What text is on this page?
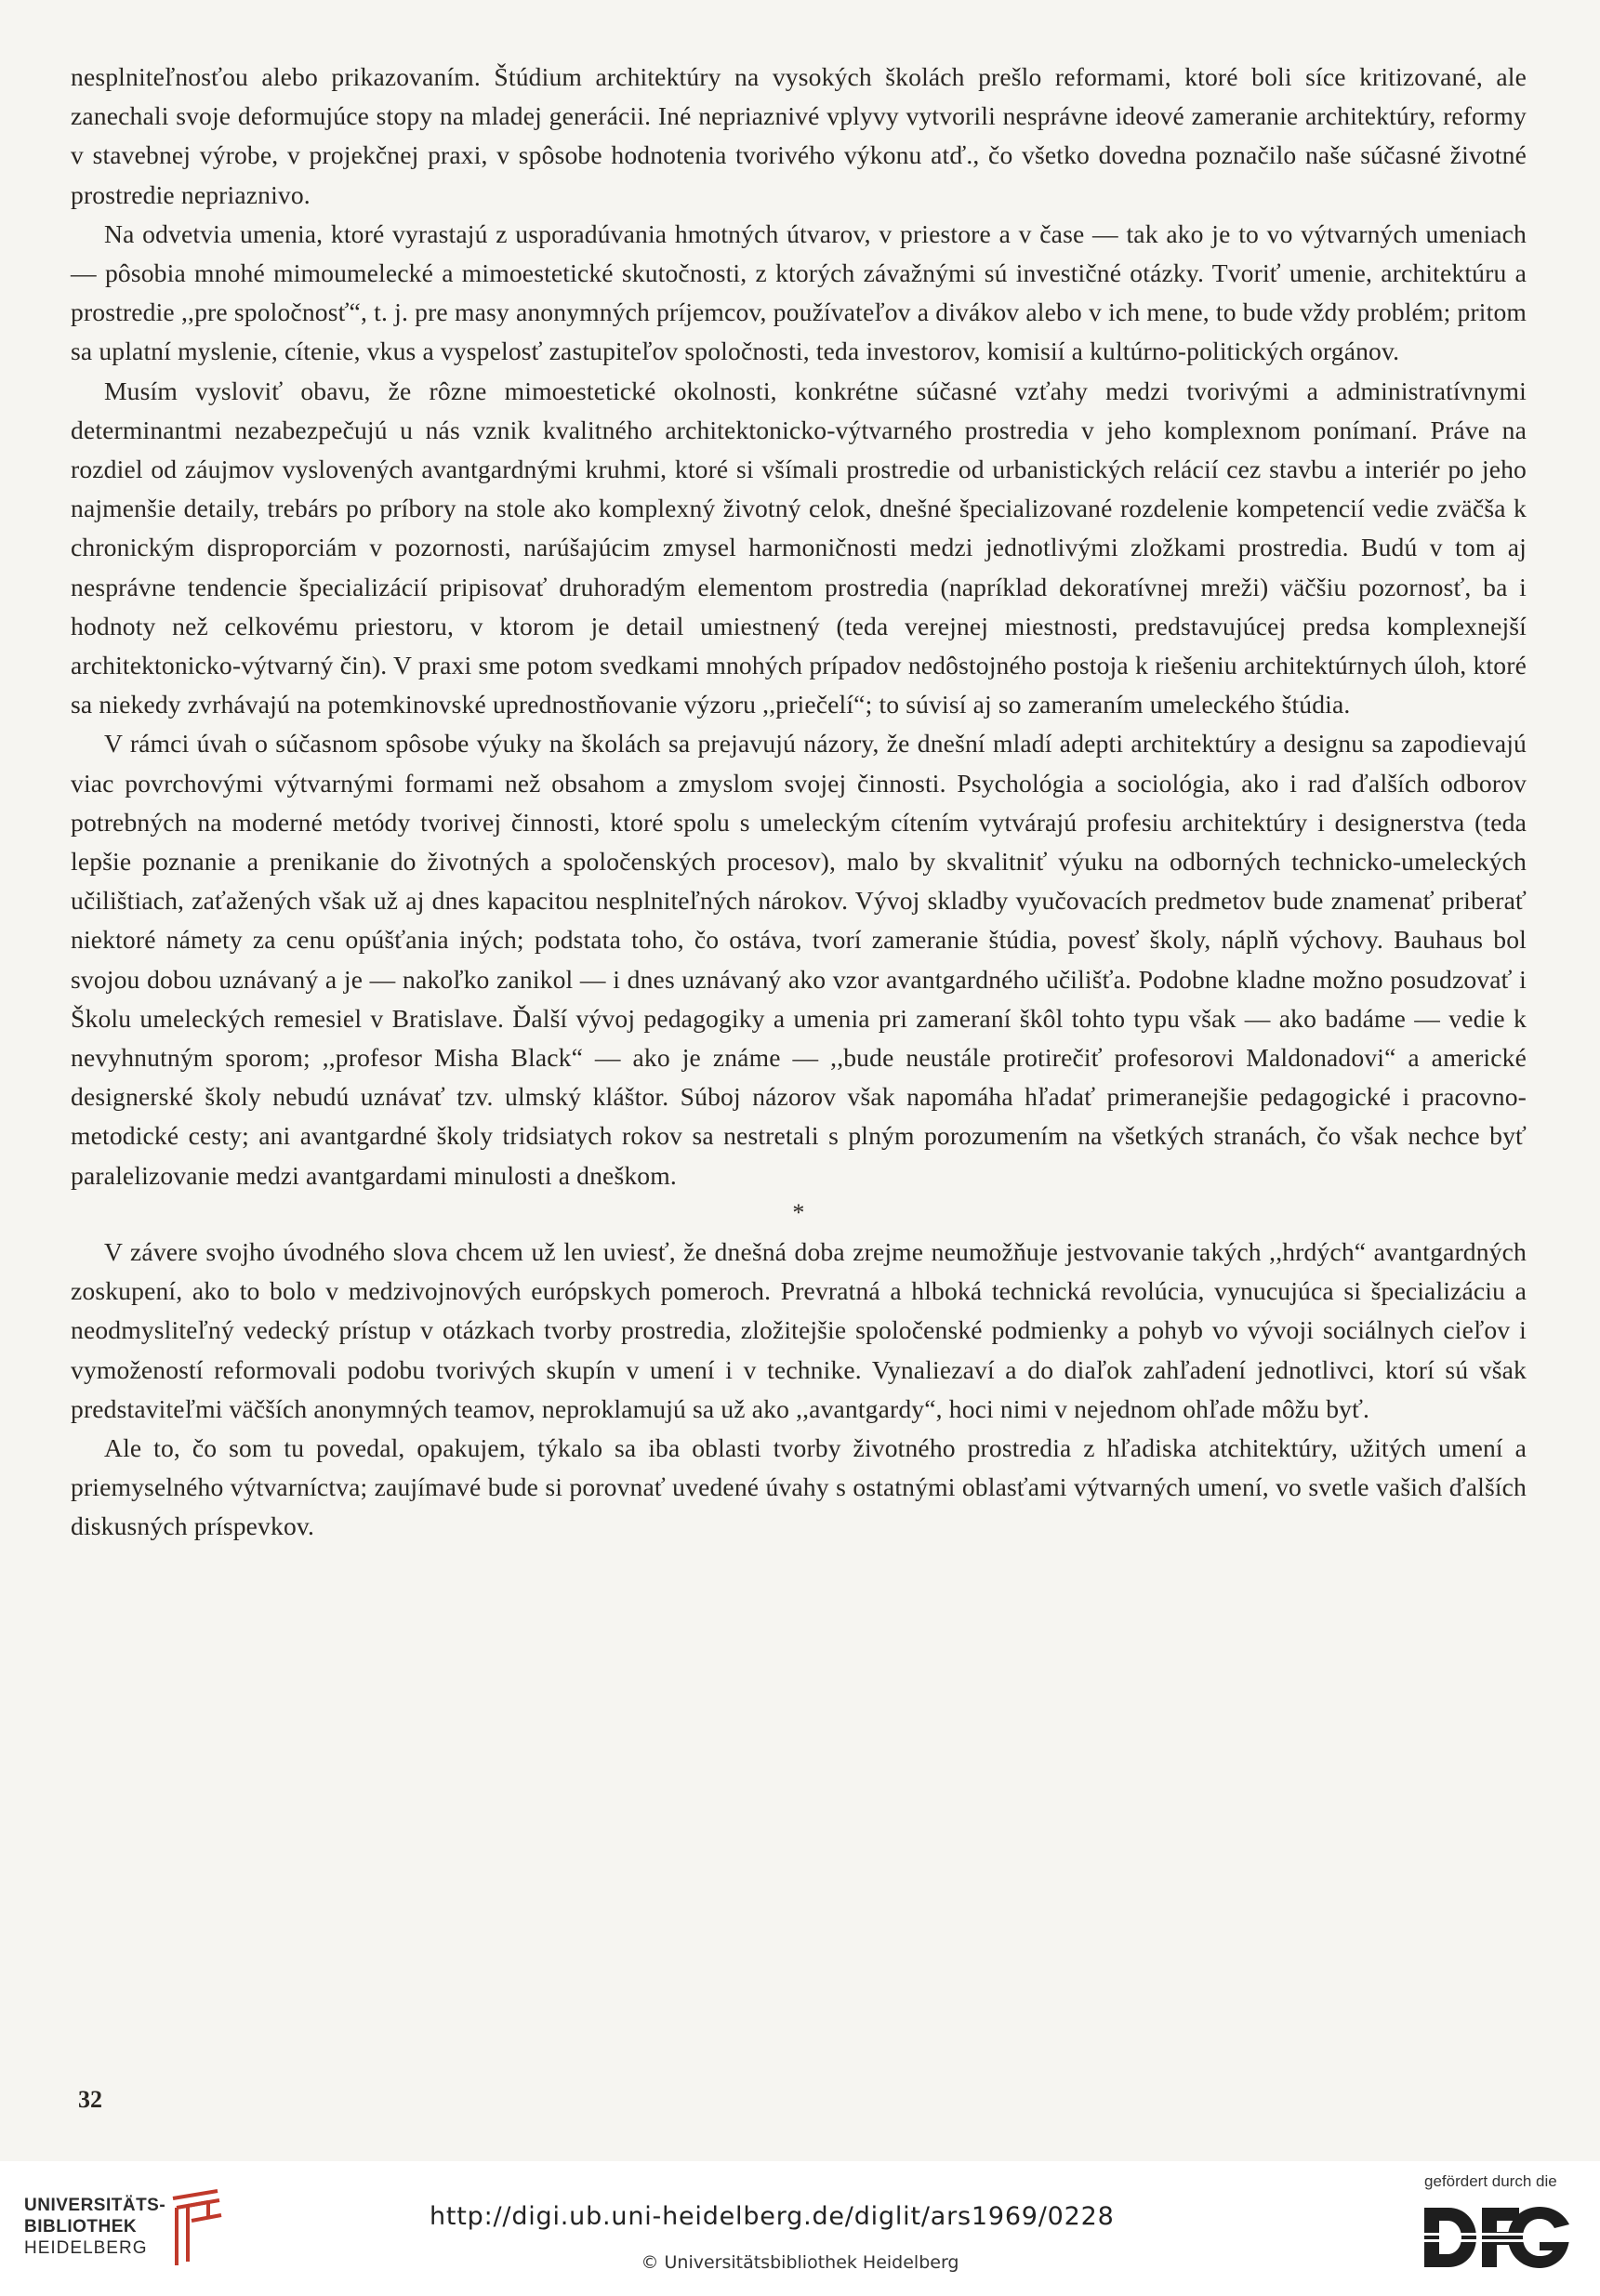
nesplniteľnosťou alebo prikazovaním. Štúdium architektúry na vysokých školách prešlo reformami, ktoré boli síce kritizované, ale zanechali svoje deformujúce stopy na mladej generácii. Iné nepriaznivé vplyvy vytvorili nesprávne ideové zameranie architektúry, reformy v stavebnej výrobe, v projekčnej praxi, v spôsobe hodnotenia tvorivého výkonu atď., čo všetko dovedna poznačilo naše súčasné životné prostredie nepriaznivo.

Na odvetvia umenia, ktoré vyrastajú z usporadúvania hmotných útvarov, v priestore a v čase — tak ako je to vo výtvarných umeniach — pôsobia mnohé mimoumelecké a mimoestetické skutočnosti, z ktorých závažnými sú investičné otázky. Tvoriť umenie, architektúru a prostredie ,,pre spoločnosť“, t. j. pre masy anonymných príjemcov, používateľov a divákov alebo v ich mene, to bude vždy problém; pritom sa uplatní myslenie, cítenie, vkus a vyspelosť zastupiteľov spoločnosti, teda investorov, komisií a kultúrno-politických orgánov.

Musím vysloviť obavu, že rôzne mimoestetické okolnosti, konkrétne súčasné vzťahy medzi tvorivými a administratívnymi determinantmi nezabezpečujú u nás vznik kvalitného architektonicko-výtvarného prostredia v jeho komplexnom ponímaní. Práve na rozdiel od záujmov vyslovených avantgardnými kruhmi, ktoré si všímali prostredie od urbanistických relácií cez stavbu a interiér po jeho najmenšie detaily, trebárs po príbory na stole ako komplexný životný celok, dnešné špecializované rozdelenie kompetencií vedie zväčša k chronickým disproporciám v pozornosti, narúšajúcim zmysel harmoničnosti medzi jednotlivými zložkami prostredia. Budú v tom aj nesprávne tendencie špecializácií pripisovať druhoradým elementom prostredia (napríklad dekoratívnej mreži) väčšiu pozornosť, ba i hodnoty než celkovému priestoru, v ktorom je detail umiestnený (teda verejnej miestnosti, predstavujúcej predsa komplexnejší architektonicko-výtvarný čin). V praxi sme potom svedkami mnohých prípadov nedôstojného postoja k riešeniu architektúrnych úloh, ktoré sa niekedy zvrhávajú na potemkinovské uprednostňovanie výzoru ,,priečelí“; to súvisí aj so zameraním umeleckého štúdia.

V rámci úvah o súčasnom spôsobe výuky na školách sa prejavujú názory, že dnešní mladí adepti architektúry a designu sa zapodievajú viac povrchovými výtvarnými formami než obsahom a zmyslom svojej činnosti. Psychológia a sociológia, ako i rad ďalších odborov potrebných na moderné metódy tvorivej činnosti, ktoré spolu s umeleckým cítením vytvárajú profesiu architektúry i designerstva (teda lepšie poznanie a prenikanie do životných a spoločenských procesov), malo by skvalitniť výuku na odborných technicko-umeleckých učilištiach, zaťažených však už aj dnes kapacitou nesplniteľných nárokov. Vývoj skladby vyučovacích predmetov bude znamenať priberať niektoré námety za cenu opúšťania iných; podstata toho, čo ostáva, tvorí zameranie štúdia, povesť školy, náplň výchovy. Bauhaus bol svojou dobou uznávaný a je — nakoľko zanikol — i dnes uznávaný ako vzor avantgardného učilišťa. Podobne kladne možno posudzovať i Školu umeleckých remesiel v Bratislave. Ďalší vývoj pedagogiky a umenia pri zameraní škôl tohto typu však — ako badáme — vedie k nevyhnutným sporom; ,,profesor Misha Black“ — ako je známe — ,,bude neustále protirečiť profesorovi Maldonadovi“ a americké designerské školy nebudú uznávať tzv. ulmský kláštor. Súboj názorov však napomáha hľadať primeranejšie pedagogické i pracovno-metodické cesty; ani avantgardné školy tridsiatych rokov sa nestretali s plným porozumením na všetkých stranách, čo však nechce byť paralelizovanie medzi avantgardami minulosti a dneškom.

*

V závere svojho úvodného slova chcem už len uviesť, že dnešná doba zrejme neumožňuje jestvovanie takých ,,hrdých“ avantgardných zoskupení, ako to bolo v medzivojnových európskych pomeroch. Prevratná a hlboká technická revolúcia, vynucujúca si špecializáciu a neodmysliteľný vedecký prístup v otázkach tvorby prostredia, zložitejšie spoločenské podmienky a pohyb vo vývoji sociálnych cieľov i vymožeností reformovali podobu tvorivých skupín v umení i v technike. Vynaliezaví a do diaľok zahľadení jednotlivci, ktorí sú však predstaviteľmi väčších anonymných teamov, neproklamujú sa už ako ,,avantgardy“, hoci nimi v nejednom ohľade môžu byť.

Ale to, čo som tu povedal, opakujem, týkalo sa iba oblasti tvorby životného prostredia z hľadiska atchitektúry, užitých umení a priemyselného výtvarníctva; zaujímavé bude si porovnať uvedené úvahy s ostatnými oblasťami výtvarných umení, vo svetle vašich ďalších diskusných príspevkov.

32
UNIVERSITÄTS-
BIBLIOTHEK
HEIDELBERG
http://digi.ub.uni-heidelberg.de/diglit/ars1969/0228
© Universitätsbibliothek Heidelberg
gefördert durch die
